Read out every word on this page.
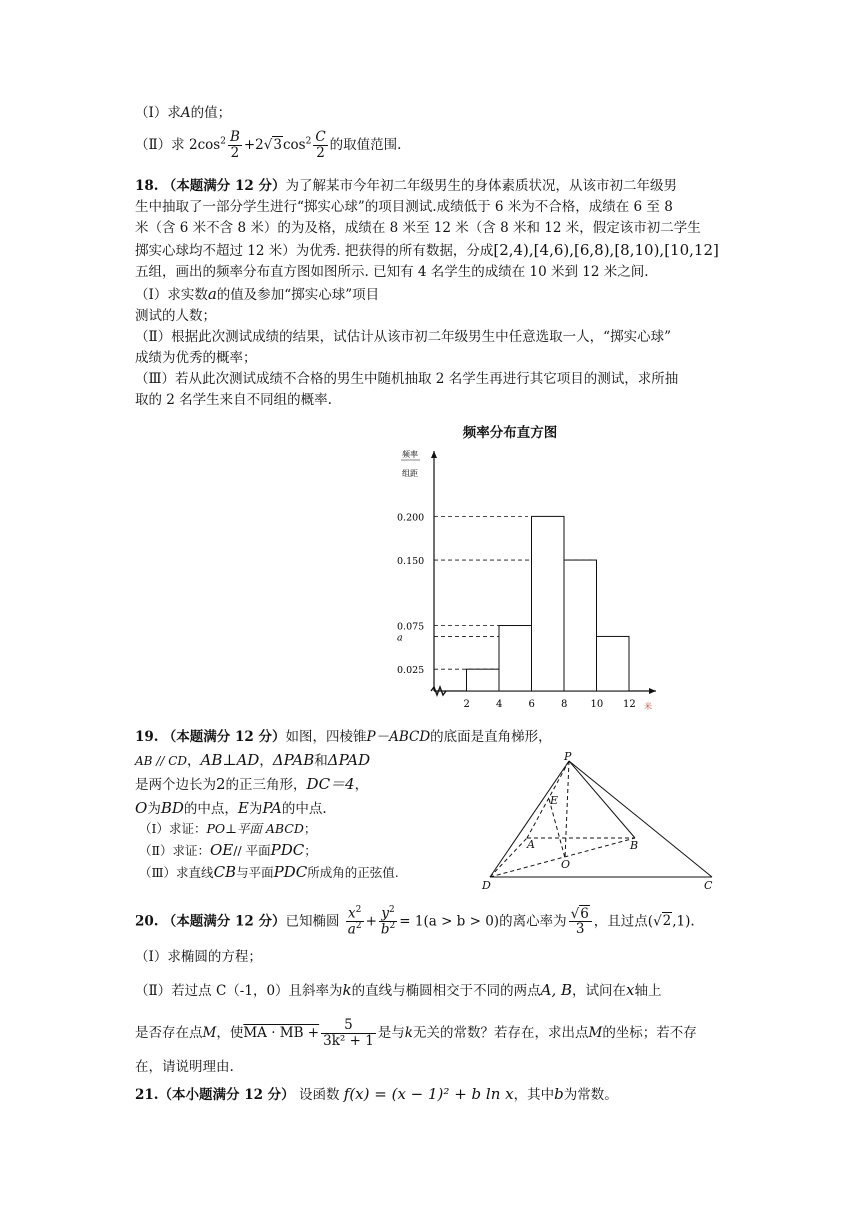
（Ⅰ）求A的值；
（Ⅱ）求 $2\cos^2 \frac{B}{2} +2√3\cos^2 \frac{C}{2}$ 的取值范围.
18. （本题满分 12 分）为了解某市今年初二年级男生的身体素质状况，从该市初二年级男
生中抽取了一部分学生进行“掷实心球”的项目测试.成绩低于 6 米为不合格，成绩在 6 至 8
米（含 6 米不含 8 米）的为及格，成绩在 8 米至 12 米（含 8 米和 12 米，假定该市初二学生
掷实心球均不超过 12 米）为优秀. 把获得的所有数据，分成[2,4),[4,6),[6,8),[8,10),[10,12]
五组，画出的频率分布直方图如图所示. 已知有 4 名学生的成绩在 10 米到 12 米之间.
（Ⅰ）求实数a的值及参加“掷实心球”项目
测试的人数；
（Ⅱ）根据此次测试成绩的结果，试估计从该市初二年级男生中任意选取一人，“掷实心球”
成绩为优秀的概率；
（Ⅲ）若从此次测试成绩不合格的男生中随机抽取 2 名学生再进行其它项目的测试，求所抽
取的 2 名学生来自不同组的概率.
频率分布直方图
频率
组距
0.025
a
0.075
0.150
0.200
2	4	6	8 10 12 米
19. （本题满分 12 分）如图，四棱锥P－ABCD的底面是直角梯形，
AB // CD，AB⊥AD，ΔPAB和ΔPAD
是两个边长为2的正三角形，DC＝4，
O为BD的中点，E为PA的中点.
（Ⅰ）求证：PO⊥平面 ABCD；
（Ⅱ）求证：OE// 平面PDC；
（Ⅲ）求直线CB与平面PDC所成角的正弦值.
P
E
A	B
O
D	C
20. （本题满分 12 分）已知椭圆 $\frac{x^2}{a^2} + \frac{y^2}{b^2} = 1(a > b > 0)$的离心率为 $\frac{√6}{3}$ ，且过点(√2,1).
（Ⅰ）求椭圆的方程；
（Ⅱ）若过点 C（-1，0）且斜率为k的直线与椭圆相交于不同的两点A, B，试问在x轴上
是否存在点M，使MA · MB + $\frac{5}{\text{3k² + 1}}$ 是与k无关的常数？若存在，求出点M的坐标；若不存
在，请说明理由.
21.（本小题满分 12 分） 设函数 f(x) = (x − 1)² + b ln x，其中b为常数。
